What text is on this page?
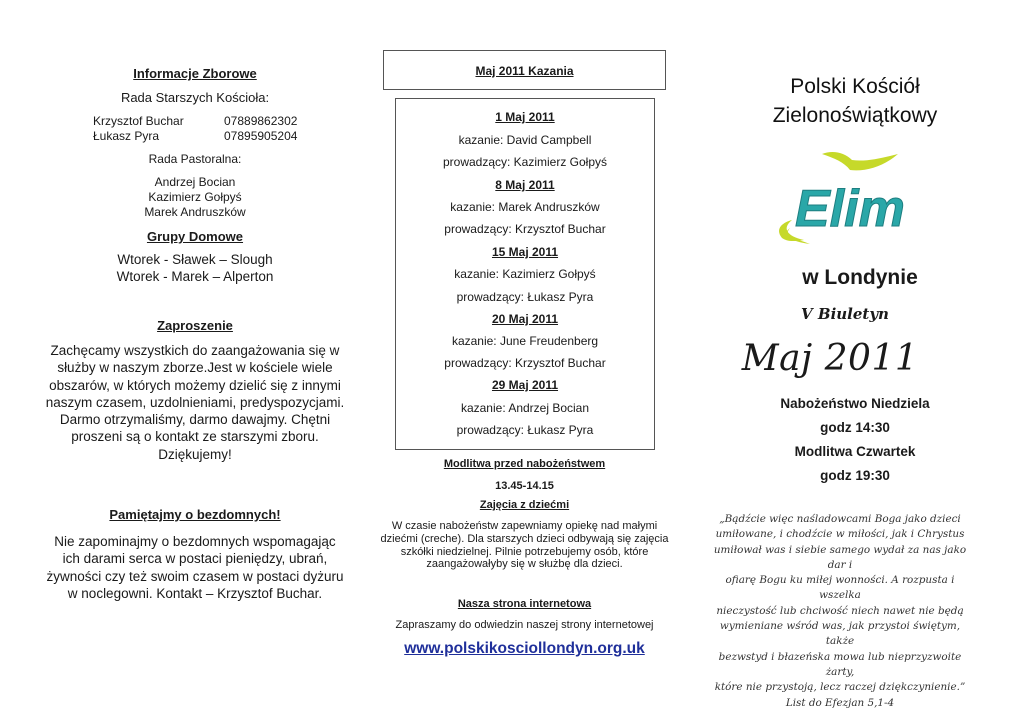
Informacje Zborowe
Rada Starszych Kościoła:
Krzysztof Buchar	07889862302
Łukasz Pyra	07895905204
Rada Pastoralna:
Andrzej Bocian
Kazimierz Gołpyś
Marek Andruszków
Grupy Domowe
Wtorek - Sławek – Slough
Wtorek - Marek – Alperton
Zaproszenie
Zachęcamy wszystkich do zaangażowania się w służby w naszym zborze.Jest w kościele wiele obszarów, w których możemy dzielić się z innymi naszym czasem, uzdolnieniami, predyspozycjami. Darmo otrzymaliśmy, darmo dawajmy. Chętni proszeni są o kontakt ze starszymi zboru. Dziękujemy!
Pamiętajmy o bezdomnych!
Nie zapominajmy o bezdomnych wspomagając ich darami serca w postaci pieniędzy, ubrań, żywności czy też swoim czasem w postaci dyżuru w noclegowni. Kontakt – Krzysztof Buchar.
Maj 2011 Kazania
1 Maj 2011
kazanie: David Campbell
prowadzący: Kazimierz Gołpyś
8 Maj 2011
kazanie: Marek Andruszków
prowadzący: Krzysztof Buchar
15 Maj 2011
kazanie: Kazimierz Gołpyś
prowadzący: Łukasz Pyra
20 Maj 2011
kazanie: June Freudenberg
prowadzący: Krzysztof Buchar
29 Maj 2011
kazanie: Andrzej Bocian
prowadzący: Łukasz Pyra
Modlitwa przed nabożeństwem
13.45-14.15
Zajęcia z dziećmi
W czasie nabożeństw zapewniamy opiekę nad małymi dziećmi (creche). Dla starszych dzieci odbywają się zajęcia szkółki niedzielnej. Pilnie potrzebujemy osób, które zaangażowałyby się w służbę dla dzieci.
Nasza strona internetowa
Zapraszamy do odwiedzin naszej strony internetowej
www.polskikosciollondyn.org.uk
Polski Kościół
Zielonoświątkowy
Elim
w Londynie
V Biuletyn
Maj 2011
Nabożeństwo Niedziela
godz 14:30
Modlitwa Czwartek
godz 19:30
„Bądźcie więc naśladowcami Boga jako dzieci
umiłowane, i chodźcie w miłości, jak i Chrystus
umiłował was i siebie samego wydał za nas jako dar i
ofiarę Bogu ku miłej wonności. A rozpusta i wszelka
nieczystość lub chciwość niech nawet nie będą
wymieniane wśród was, jak przystoi świętym, także
bezwstyd i błazeńska mowa lub nieprzyzwoite żarty,
które nie przystoją, lecz raczej dziękczynienie.”
List do Efezjan 5,1-4
